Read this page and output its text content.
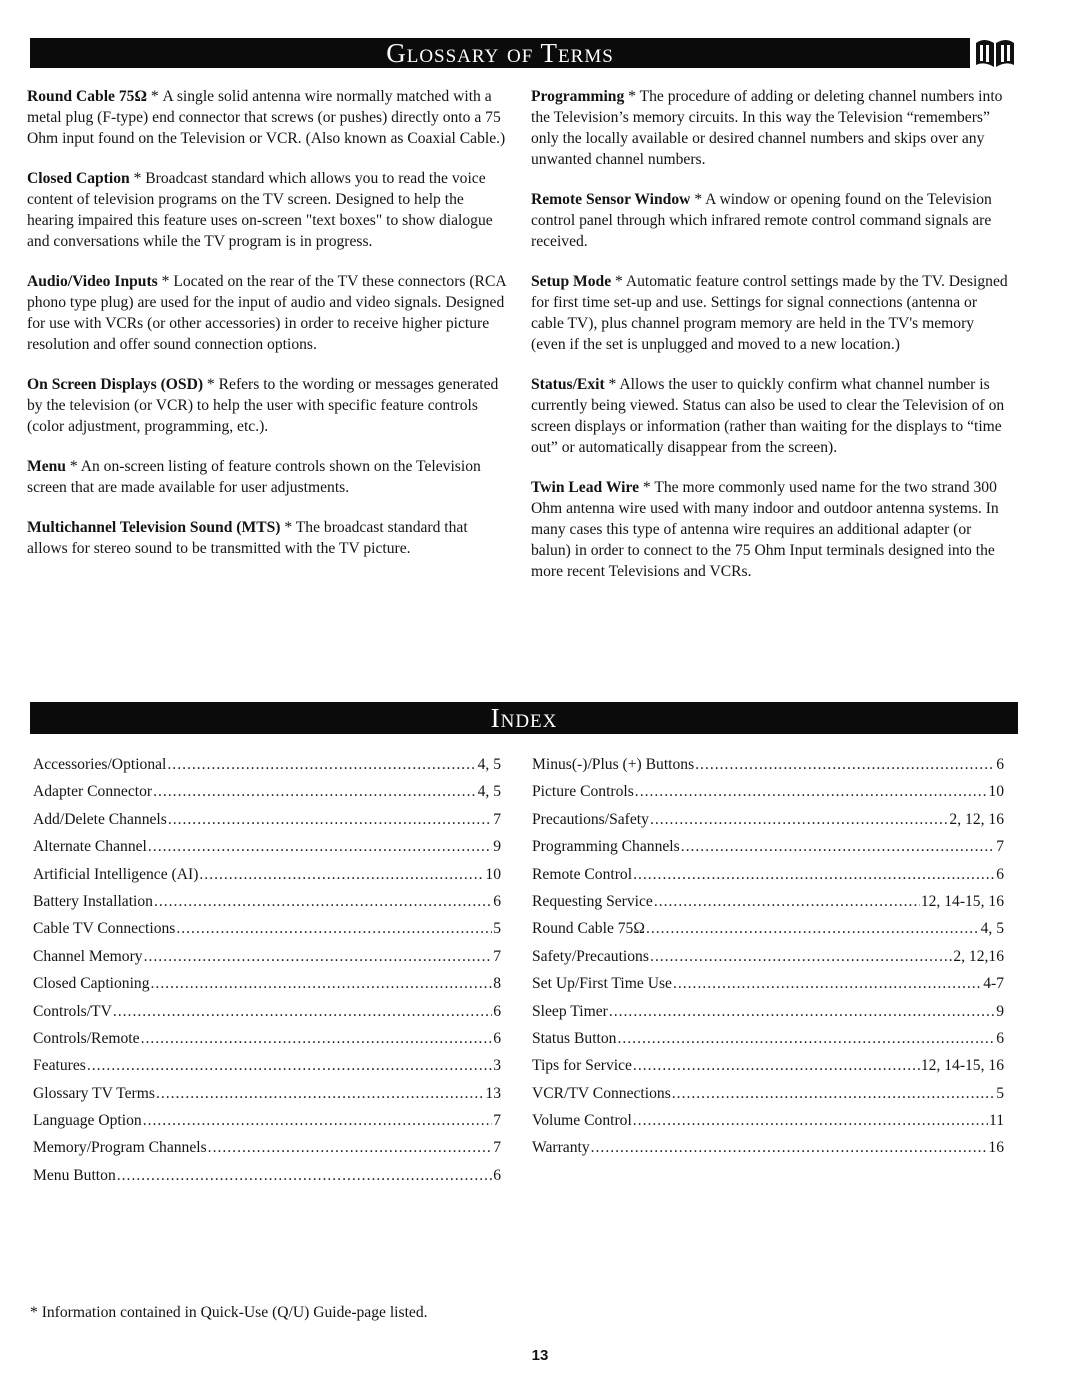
Glossary of Terms

Round Cable 75Ω * A single solid antenna wire normally matched with a metal plug (F-type) end connector that screws (or pushes) directly onto a 75 Ohm input found on the Television or VCR. (Also known as Coaxial Cable.)

Closed Caption * Broadcast standard which allows you to read the voice content of television programs on the TV screen. Designed to help the hearing impaired this feature uses on-screen "text boxes" to show dialogue and conversations while the TV program is in progress.

Audio/Video Inputs * Located on the rear of the TV these connectors (RCA phono type plug) are used for the input of audio and video signals. Designed for use with VCRs (or other accessories) in order to receive higher picture resolution and offer sound connection options.

On Screen Displays (OSD) * Refers to the wording or messages generated by the television (or VCR) to help the user with specific feature controls (color adjustment, programming, etc.).

Menu * An on-screen listing of feature controls shown on the Television screen that are made available for user adjustments.

Multichannel Television Sound (MTS) * The broadcast standard that allows for stereo sound to be transmitted with the TV picture.

Programming * The procedure of adding or deleting channel numbers into the Television’s memory circuits. In this way the Television “remembers” only the locally available or desired channel numbers and skips over any unwanted channel numbers.

Remote Sensor Window * A window or opening found on the Television control panel through which infrared remote control command signals are received.

Setup Mode * Automatic feature control settings made by the TV. Designed for first time set-up and use. Settings for signal connections (antenna or cable TV), plus channel program memory are held in the TV's memory (even if the set is unplugged and moved to a new location.)

Status/Exit * Allows the user to quickly confirm what channel number is currently being viewed. Status can also be used to clear the Television of on screen displays or information (rather than waiting for the displays to “time out” or automatically disappear from the screen).

Twin Lead Wire * The more commonly used name for the two strand 300 Ohm antenna wire used with many indoor and outdoor antenna systems. In many cases this type of antenna wire requires an additional adapter (or balun) in order to connect to the 75 Ohm Input terminals designed into the more recent Televisions and VCRs.

Index
Accessories/Optional .....	4, 5
Adapter Connector .....	4, 5
Add/Delete Channels .....	7
Alternate Channel .....	9
Artificial Intelligence (AI) .....	10
Battery Installation .....	6
Cable TV Connections .....	5
Channel Memory .....	7
Closed Captioning .....	8
Controls/TV .....	6
Controls/Remote .....	6
Features .....	3
Glossary TV Terms .....	13
Language Option .....	7
Memory/Program Channels .....	7
Menu Button .....	6
Minus(-)/Plus (+) Buttons .....	6
Picture Controls .....	10
Precautions/Safety .....	2, 12, 16
Programming Channels .....	7
Remote Control .....	6
Requesting Service .....	12, 14-15, 16
Round Cable 75Ω .....	4, 5
Safety/Precautions .....	2, 12,16
Set Up/First Time Use .....	4-7
Sleep Timer .....	9
Status Button .....	6
Tips for Service .....	12, 14-15, 16
VCR/TV Connections .....	5
Volume Control .....	11
Warranty .....	16
* Information contained in Quick-Use (Q/U) Guide-page listed.
13
